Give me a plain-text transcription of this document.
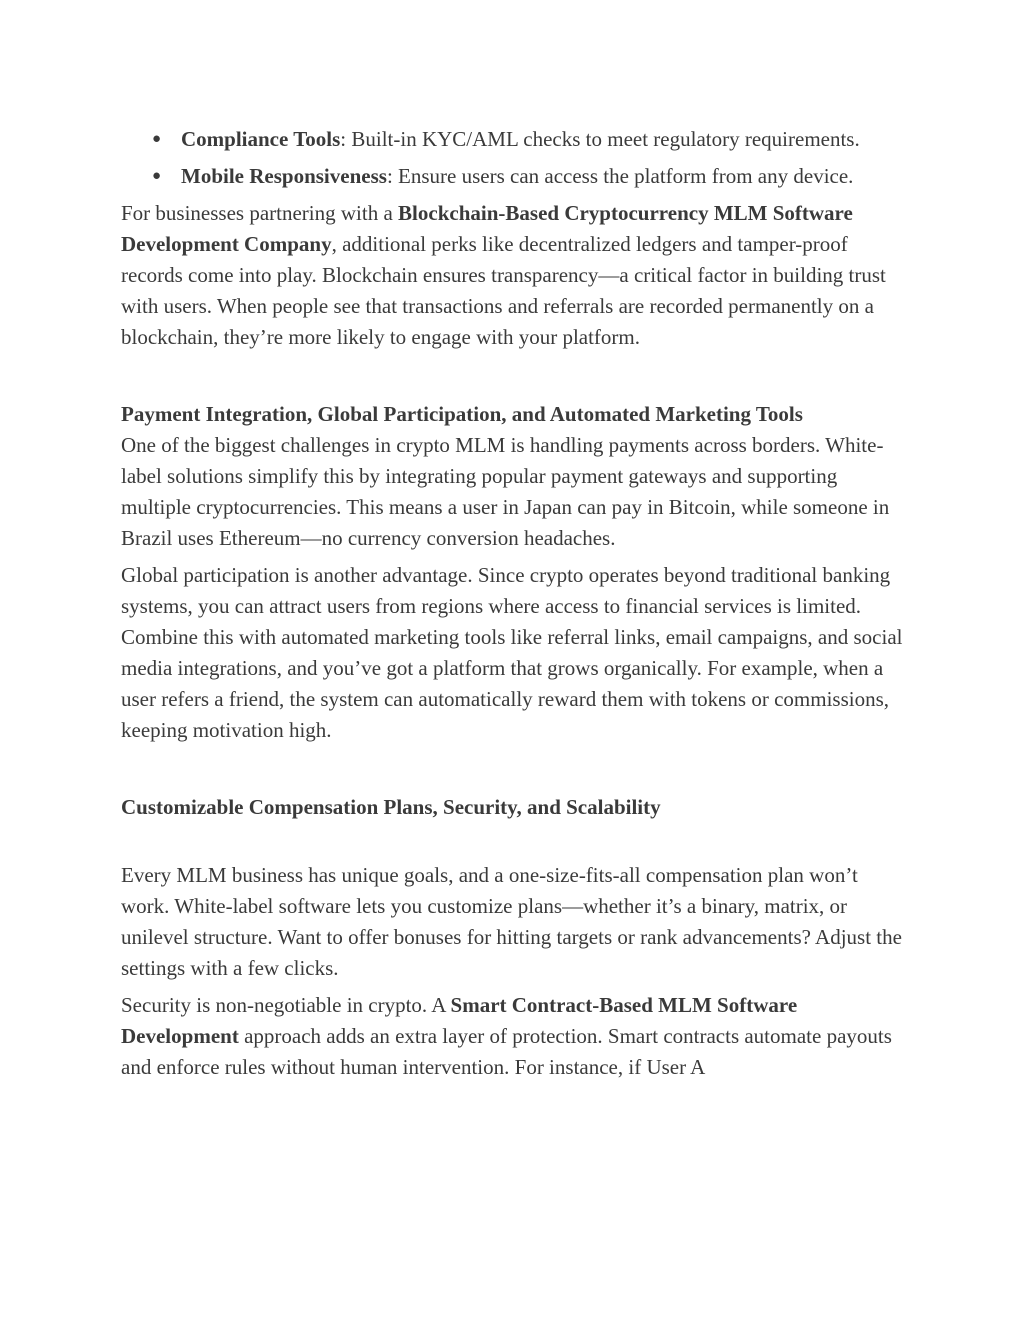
● Compliance Tools: Built-in KYC/AML checks to meet regulatory requirements.
● Mobile Responsiveness: Ensure users can access the platform from any device.

For businesses partnering with a Blockchain-Based Cryptocurrency MLM Software Development Company, additional perks like decentralized ledgers and tamper-proof records come into play. Blockchain ensures transparency—a critical factor in building trust with users. When people see that transactions and referrals are recorded permanently on a blockchain, they’re more likely to engage with your platform.

Payment Integration, Global Participation, and Automated Marketing Tools

One of the biggest challenges in crypto MLM is handling payments across borders. White-label solutions simplify this by integrating popular payment gateways and supporting multiple cryptocurrencies. This means a user in Japan can pay in Bitcoin, while someone in Brazil uses Ethereum—no currency conversion headaches.

Global participation is another advantage. Since crypto operates beyond traditional banking systems, you can attract users from regions where access to financial services is limited. Combine this with automated marketing tools like referral links, email campaigns, and social media integrations, and you’ve got a platform that grows organically. For example, when a user refers a friend, the system can automatically reward them with tokens or commissions, keeping motivation high.

Customizable Compensation Plans, Security, and Scalability

Every MLM business has unique goals, and a one-size-fits-all compensation plan won’t work. White-label software lets you customize plans—whether it’s a binary, matrix, or unilevel structure. Want to offer bonuses for hitting targets or rank advancements? Adjust the settings with a few clicks.

Security is non-negotiable in crypto. A Smart Contract-Based MLM Software Development approach adds an extra layer of protection. Smart contracts automate payouts and enforce rules without human intervention. For instance, if User A
